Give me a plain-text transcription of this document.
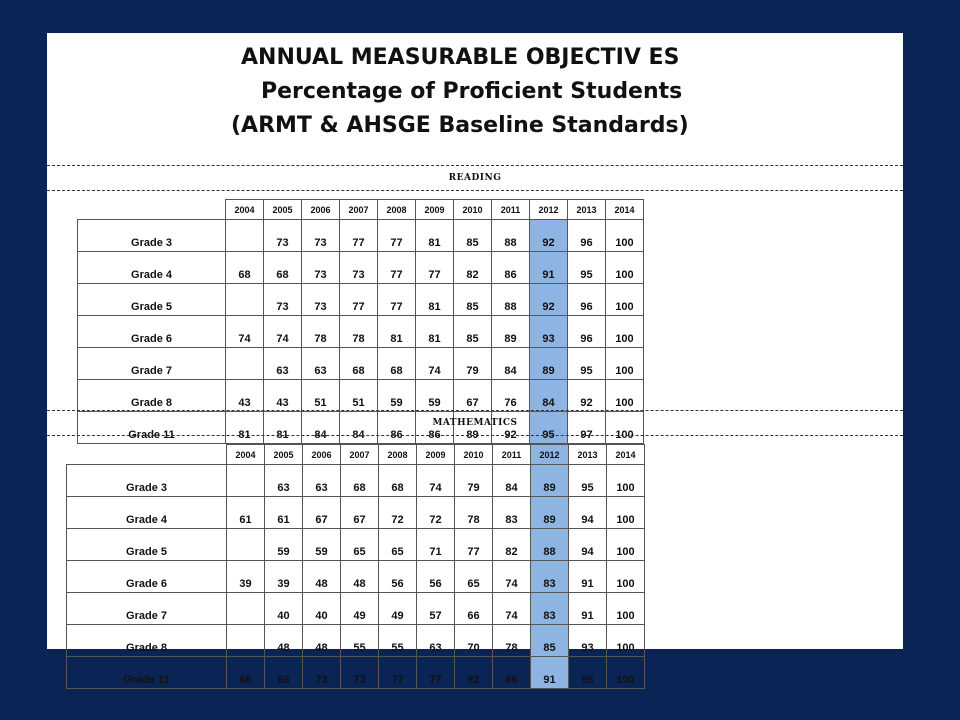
ANNUAL MEASURABLE OBJECTIV ES
Percentage of Proficient Students
(ARMT & AHSGE Baseline Standards)
READING
	2004	2005	2006	2007	2008	2009	2010	2011	2012	2013	2014
Grade 3		73	73	77	77	81	85	88	92	96	100
Grade 4	68	68	73	73	77	77	82	86	91	95	100
Grade 5		73	73	77	77	81	85	88	92	96	100
Grade 6	74	74	78	78	81	81	85	89	93	96	100
Grade 7		63	63	68	68	74	79	84	89	95	100
Grade 8	43	43	51	51	59	59	67	76	84	92	100
Grade 11	81	81	84	84	86	86	89	92	95	97	100
MATHEMATICS
	2004	2005	2006	2007	2008	2009	2010	2011	2012	2013	2014
Grade 3		63	63	68	68	74	79	84	89	95	100
Grade 4	61	61	67	67	72	72	78	83	89	94	100
Grade 5		59	59	65	65	71	77	82	88	94	100
Grade 6	39	39	48	48	56	56	65	74	83	91	100
Grade 7		40	40	49	49	57	66	74	83	91	100
Grade 8		48	48	55	55	63	70	78	85	93	100
Grade 11	68	68	73	73	77	77	82	86	91	95	100
